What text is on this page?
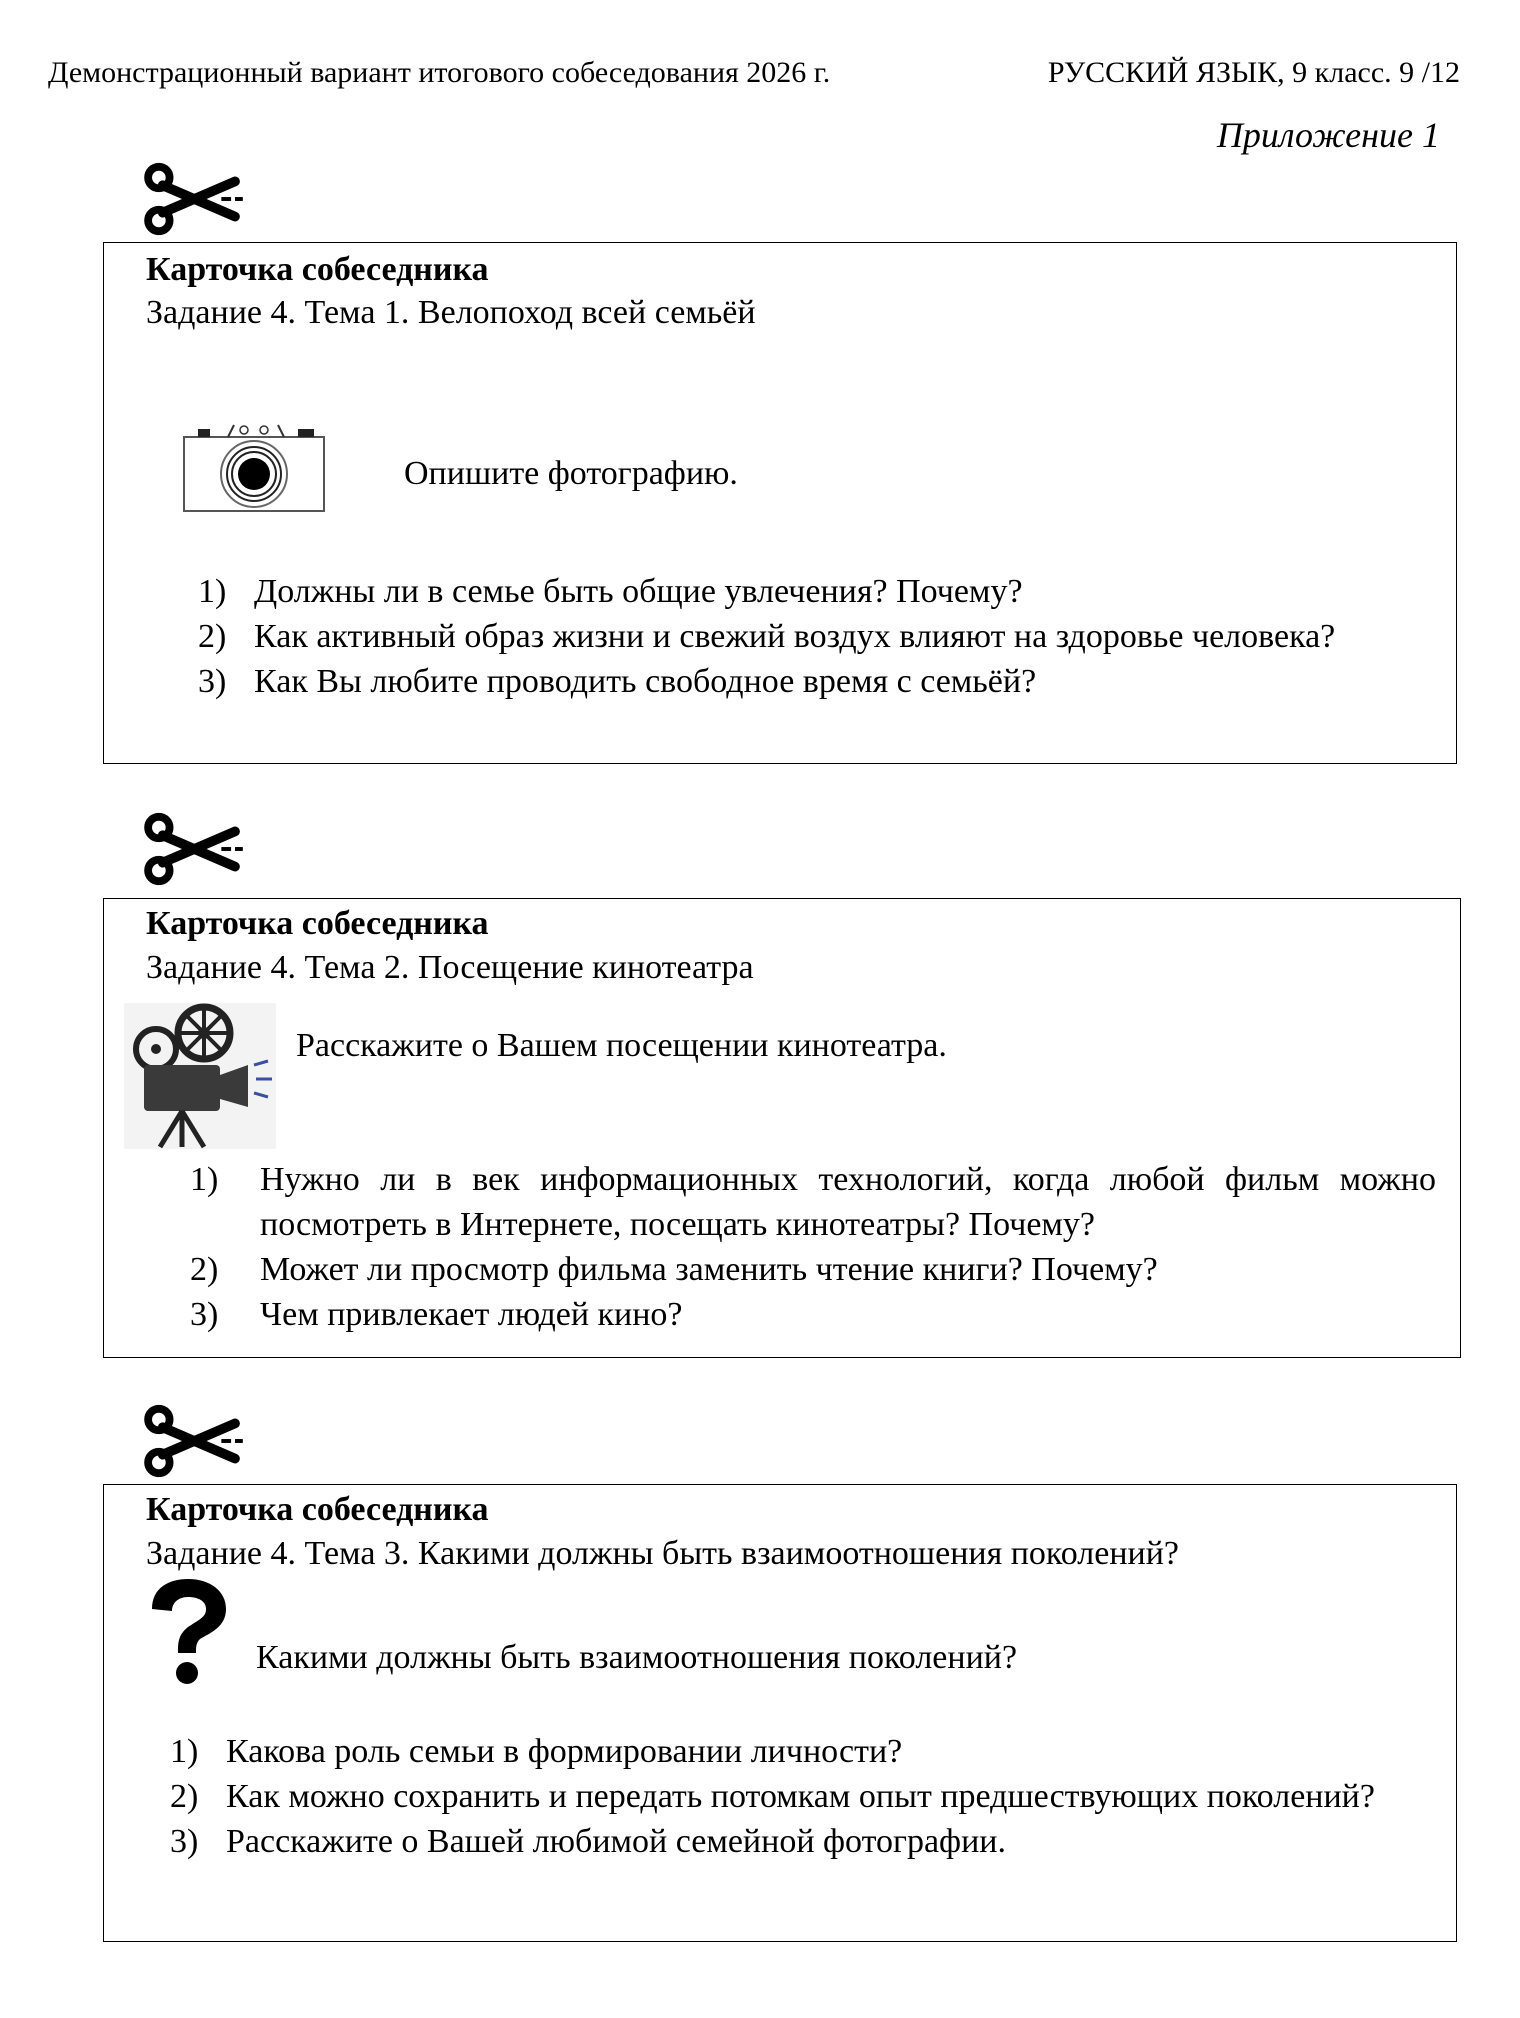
Демонстрационный вариант итогового собеседования 2026 г.	РУССКИЙ ЯЗЫК, 9 класс. 9 /12
Приложение 1
Карточка собеседника
Задание 4. Тема 1. Велопоход всей семьёй
Опишите фотографию.
1) Должны ли в семье быть общие увлечения? Почему?
2) Как активный образ жизни и свежий воздух влияют на здоровье человека?
3) Как Вы любите проводить свободное время с семьёй?
Карточка собеседника
Задание 4. Тема 2. Посещение кинотеатра
Расскажите о Вашем посещении кинотеатра.
1) Нужно ли в век информационных технологий, когда любой фильм можно посмотреть в Интернете, посещать кинотеатры? Почему?
2) Может ли просмотр фильма заменить чтение книги? Почему?
3) Чем привлекает людей кино?
Карточка собеседника
Задание 4. Тема 3. Какими должны быть взаимоотношения поколений?
Какими должны быть взаимоотношения поколений?
1) Какова роль семьи в формировании личности?
2) Как можно сохранить и передать потомкам опыт предшествующих поколений?
3) Расскажите о Вашей любимой семейной фотографии.
